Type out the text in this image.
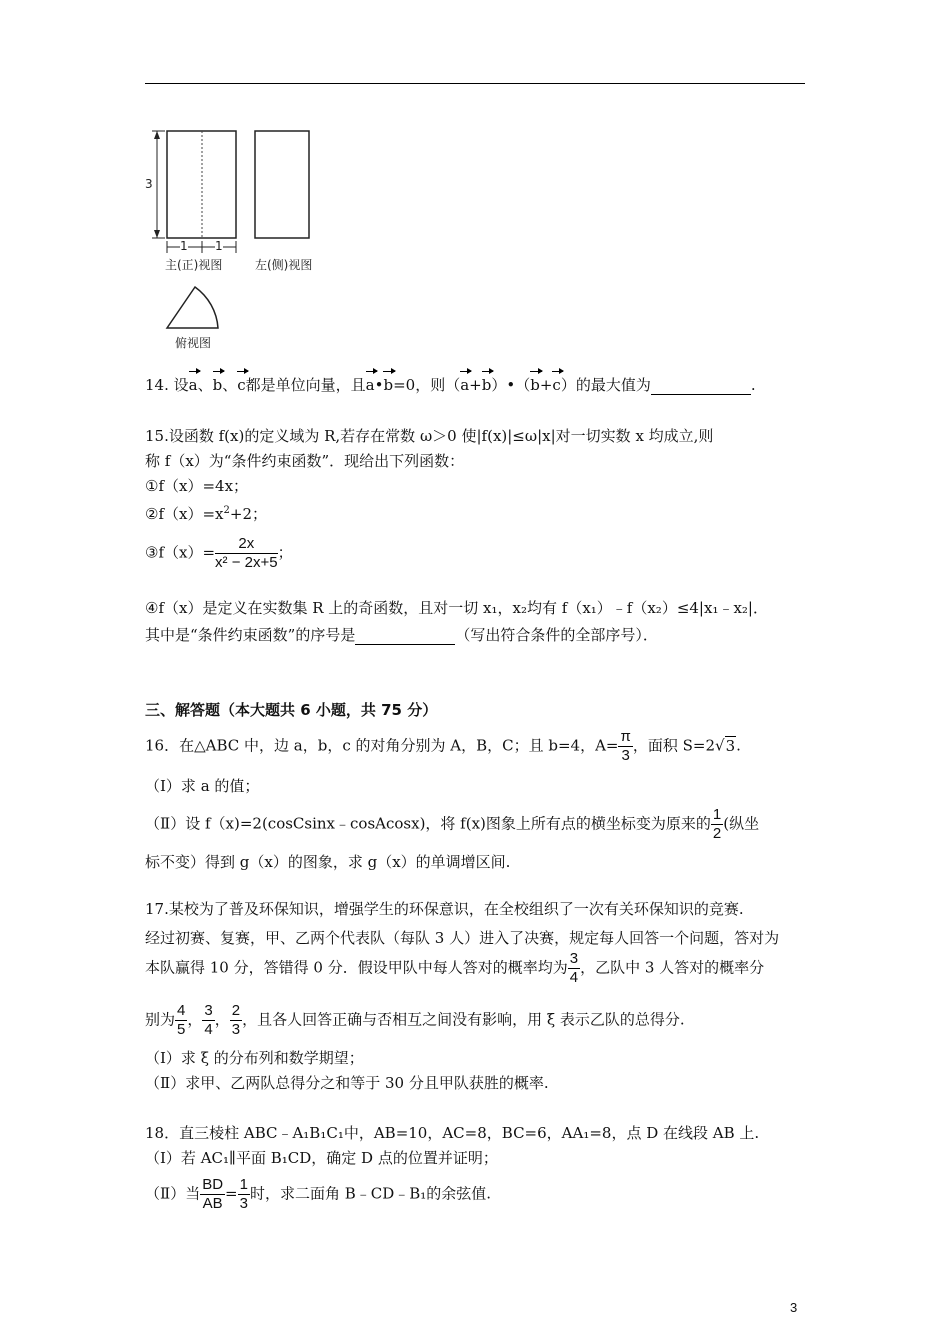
3
1 1
主(正)视图	左(侧)视图
俯视图
14. 设a、b、c都是单位向量，且a•b=0，则（a+b）•（b+c）的最大值为	.
15.设函数 f(x)的定义域为 R,若存在常数 ω＞0 使|f(x)|≤ω|x|对一切实数 x 均成立,则
称 f（x）为“条件约束函数”．现给出下列函数：
①f（x）=4x；
$②f(x)=x^2+2$；
③f（x）= $\frac{2x}{\text{x² − 2x+5}}$ ；
④f（x）是定义在实数集 R 上的奇函数，且对一切 x₁，x₂均有 f（x₁）﹣f（x₂）≤4|x₁﹣x₂|．
其中是“条件约束函数”的序号是	（写出符合条件的全部序号）．
三、解答题（本大题共 6 小题，共 75 分）
16．在△ABC 中，边 a，b，c 的对角分别为 A，B，C；且 b=4，$A= \frac{\pi}{3}$ ，面积 S=2√3.
（Ⅰ）求 a 的值；
（Ⅱ）设 f（x)=2(cosCsinx﹣cosAcosx)，将 f(x)图象上所有点的横坐标变为原来的 $\frac{1}{2}$ (纵坐
标不变）得到 g（x）的图象，求 g（x）的单调增区间.
17.某校为了普及环保知识，增强学生的环保意识，在全校组织了一次有关环保知识的竞赛.
经过初赛、复赛，甲、乙两个代表队（每队 3 人）进入了决赛，规定每人回答一个问题，答对为
本队赢得 10 分，答错得 0 分．假设甲队中每人答对的概率均为 $\frac{3}{4}$ ，乙队中 3 人答对的概率分
别为 $\frac{4}{5}$ ， $\frac{3}{4}$ ， $\frac{2}{3}$ ，且各人回答正确与否相互之间没有影响，用 ξ 表示乙队的总得分.
（Ⅰ）求 ξ 的分布列和数学期望；
（Ⅱ）求甲、乙两队总得分之和等于 30 分且甲队获胜的概率.
18．直三棱柱 ABC﹣A₁B₁C₁中，AB=10，AC=8，BC=6，AA₁=8，点 D 在线段 AB 上.
（Ⅰ）若 AC₁∥平面 B₁CD，确定 D 点的位置并证明；
（Ⅱ）当 $\frac{BD}{AB} = \frac{1}{3}$ 时，求二面角 B﹣CD﹣B₁的余弦值.
3
